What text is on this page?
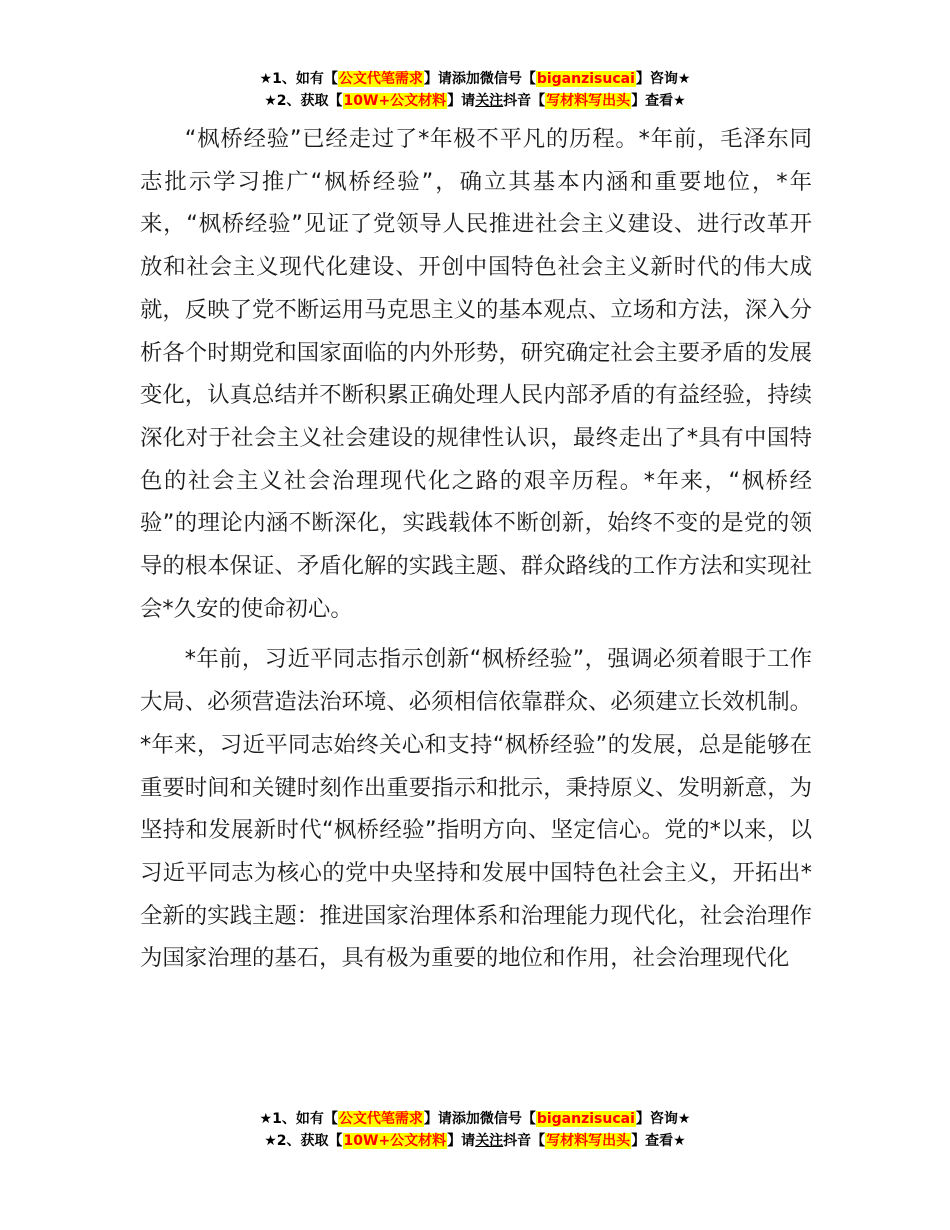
★1、如有【公文代笔需求】请添加微信号【biganzisucai】咨询★
★2、获取【10W+公文材料】请关注抖音【写材料写出头】查看★

“枫桥经验”已经走过了*年极不平凡的历程。*年前，毛泽东同志批示学习推广“枫桥经验”，确立其基本内涵和重要地位，*年来，“枫桥经验”见证了党领导人民推进社会主义建设、进行改革开放和社会主义现代化建设、开创中国特色社会主义新时代的伟大成就，反映了党不断运用马克思主义的基本观点、立场和方法，深入分析各个时期党和国家面临的内外形势，研究确定社会主要矛盾的发展变化，认真总结并不断积累正确处理人民内部矛盾的有益经验，持续深化对于社会主义社会建设的规律性认识，最终走出了*具有中国特色的社会主义社会治理现代化之路的艰辛历程。*年来，“枫桥经验”的理论内涵不断深化，实践载体不断创新，始终不变的是党的领导的根本保证、矛盾化解的实践主题、群众路线的工作方法和实现社会*久安的使命初心。

*年前，习近平同志指示创新“枫桥经验”，强调必须着眼于工作大局、必须营造法治环境、必须相信依靠群众、必须建立长效机制。*年来，习近平同志始终关心和支持“枫桥经验”的发展，总是能够在重要时间和关键时刻作出重要指示和批示，秉持原义、发明新意，为坚持和发展新时代“枫桥经验”指明方向、坚定信心。党的*以来，以习近平同志为核心的党中央坚持和发展中国特色社会主义，开拓出*全新的实践主题：推进国家治理体系和治理能力现代化，社会治理作为国家治理的基石，具有极为重要的地位和作用，社会治理现代化

★1、如有【公文代笔需求】请添加微信号【biganzisucai】咨询★
★2、获取【10W+公文材料】请关注抖音【写材料写出头】查看★
